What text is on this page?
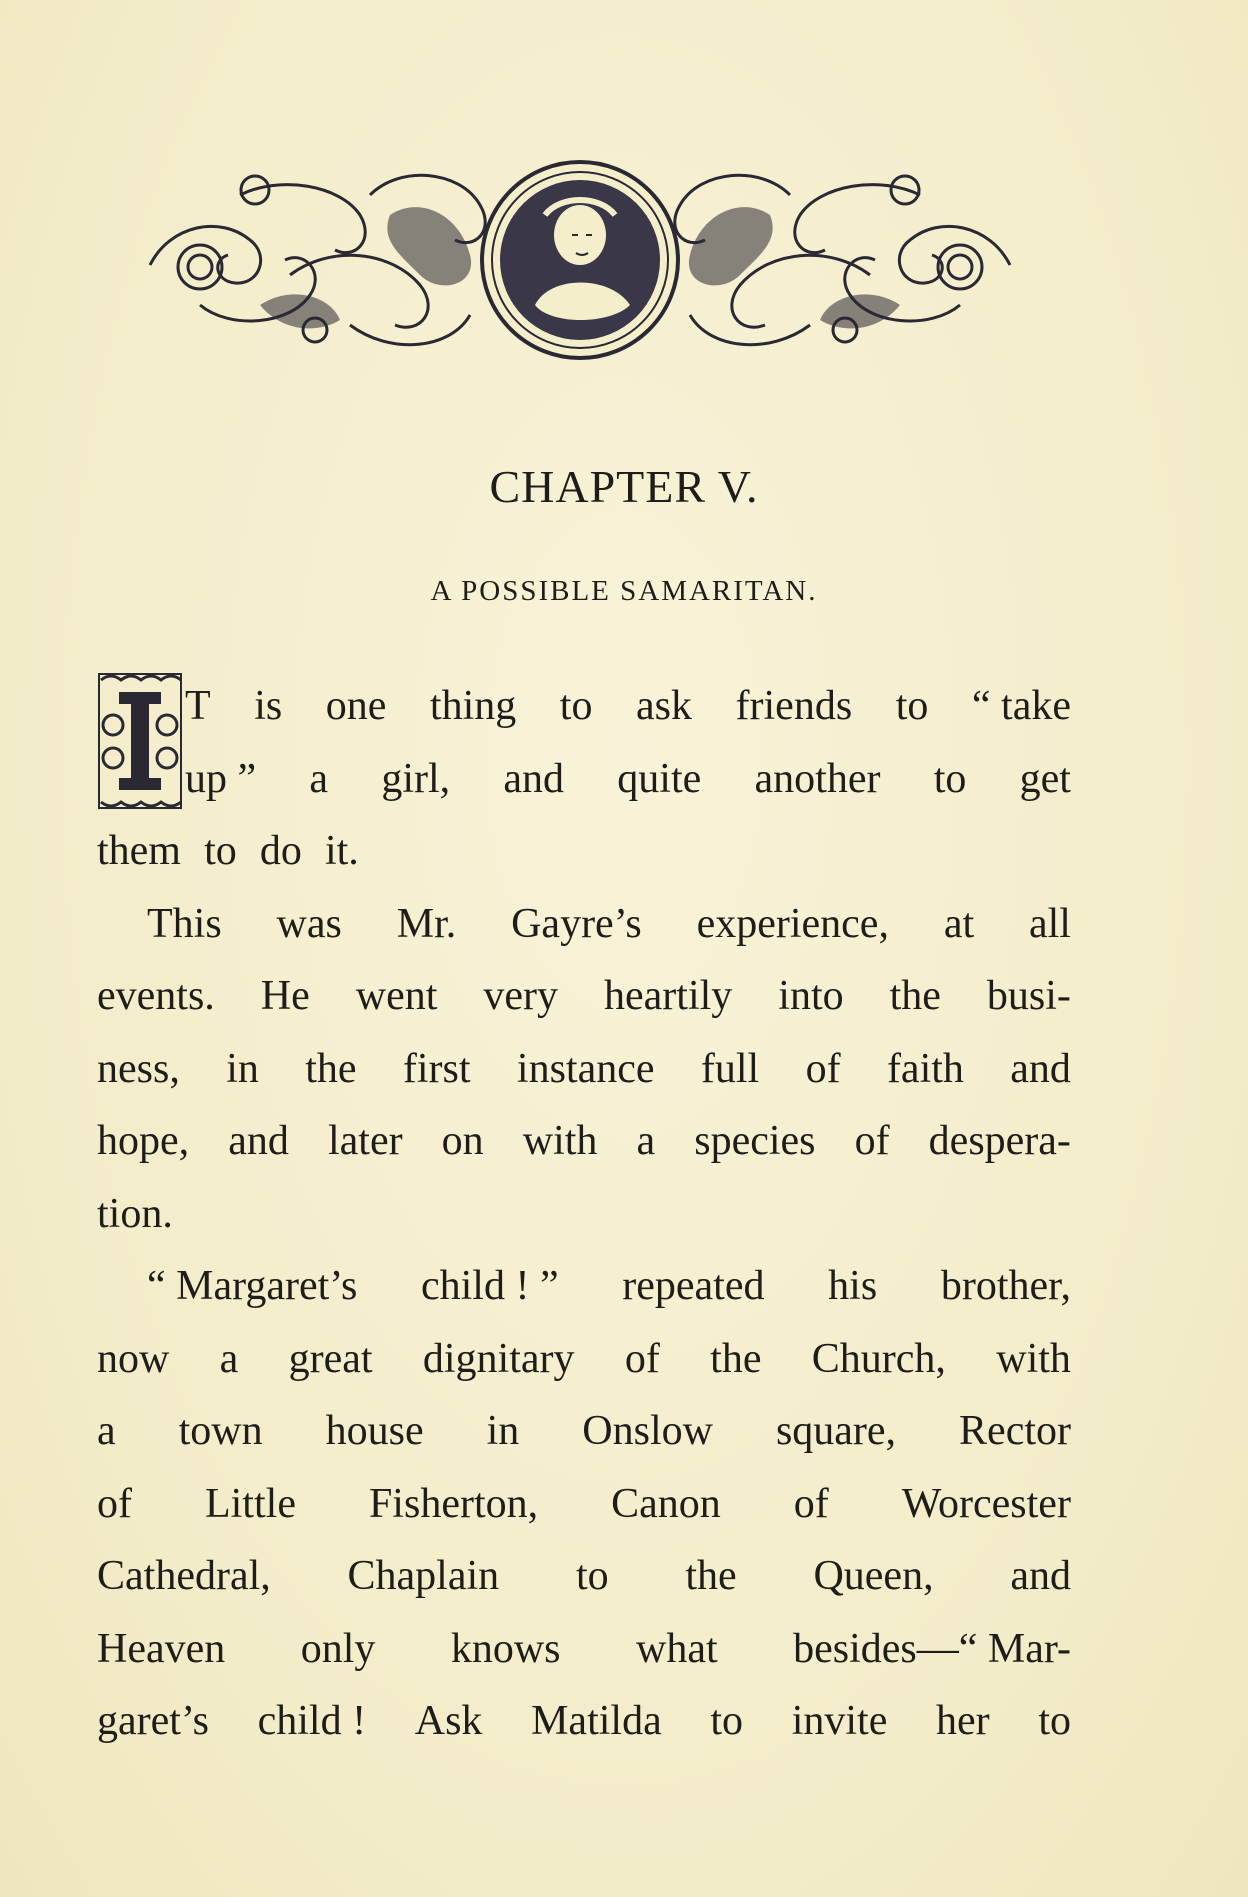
CHAPTER V.
A POSSIBLE SAMARITAN.
T is one thing to ask friends to “ take
up ” a girl, and quite another to get
them to do it.
This was Mr. Gayre’s experience, at all
events. He went very heartily into the busi-
ness, in the first instance full of faith and
hope, and later on with a species of despera-
tion.
“ Margaret’s child ! ” repeated his brother,
now a great dignitary of the Church, with
a town house in Onslow square, Rector
of Little Fisherton, Canon of Worcester
Cathedral, Chaplain to the Queen, and
Heaven only knows what besides—“ Mar-
garet’s child ! Ask Matilda to invite her to
